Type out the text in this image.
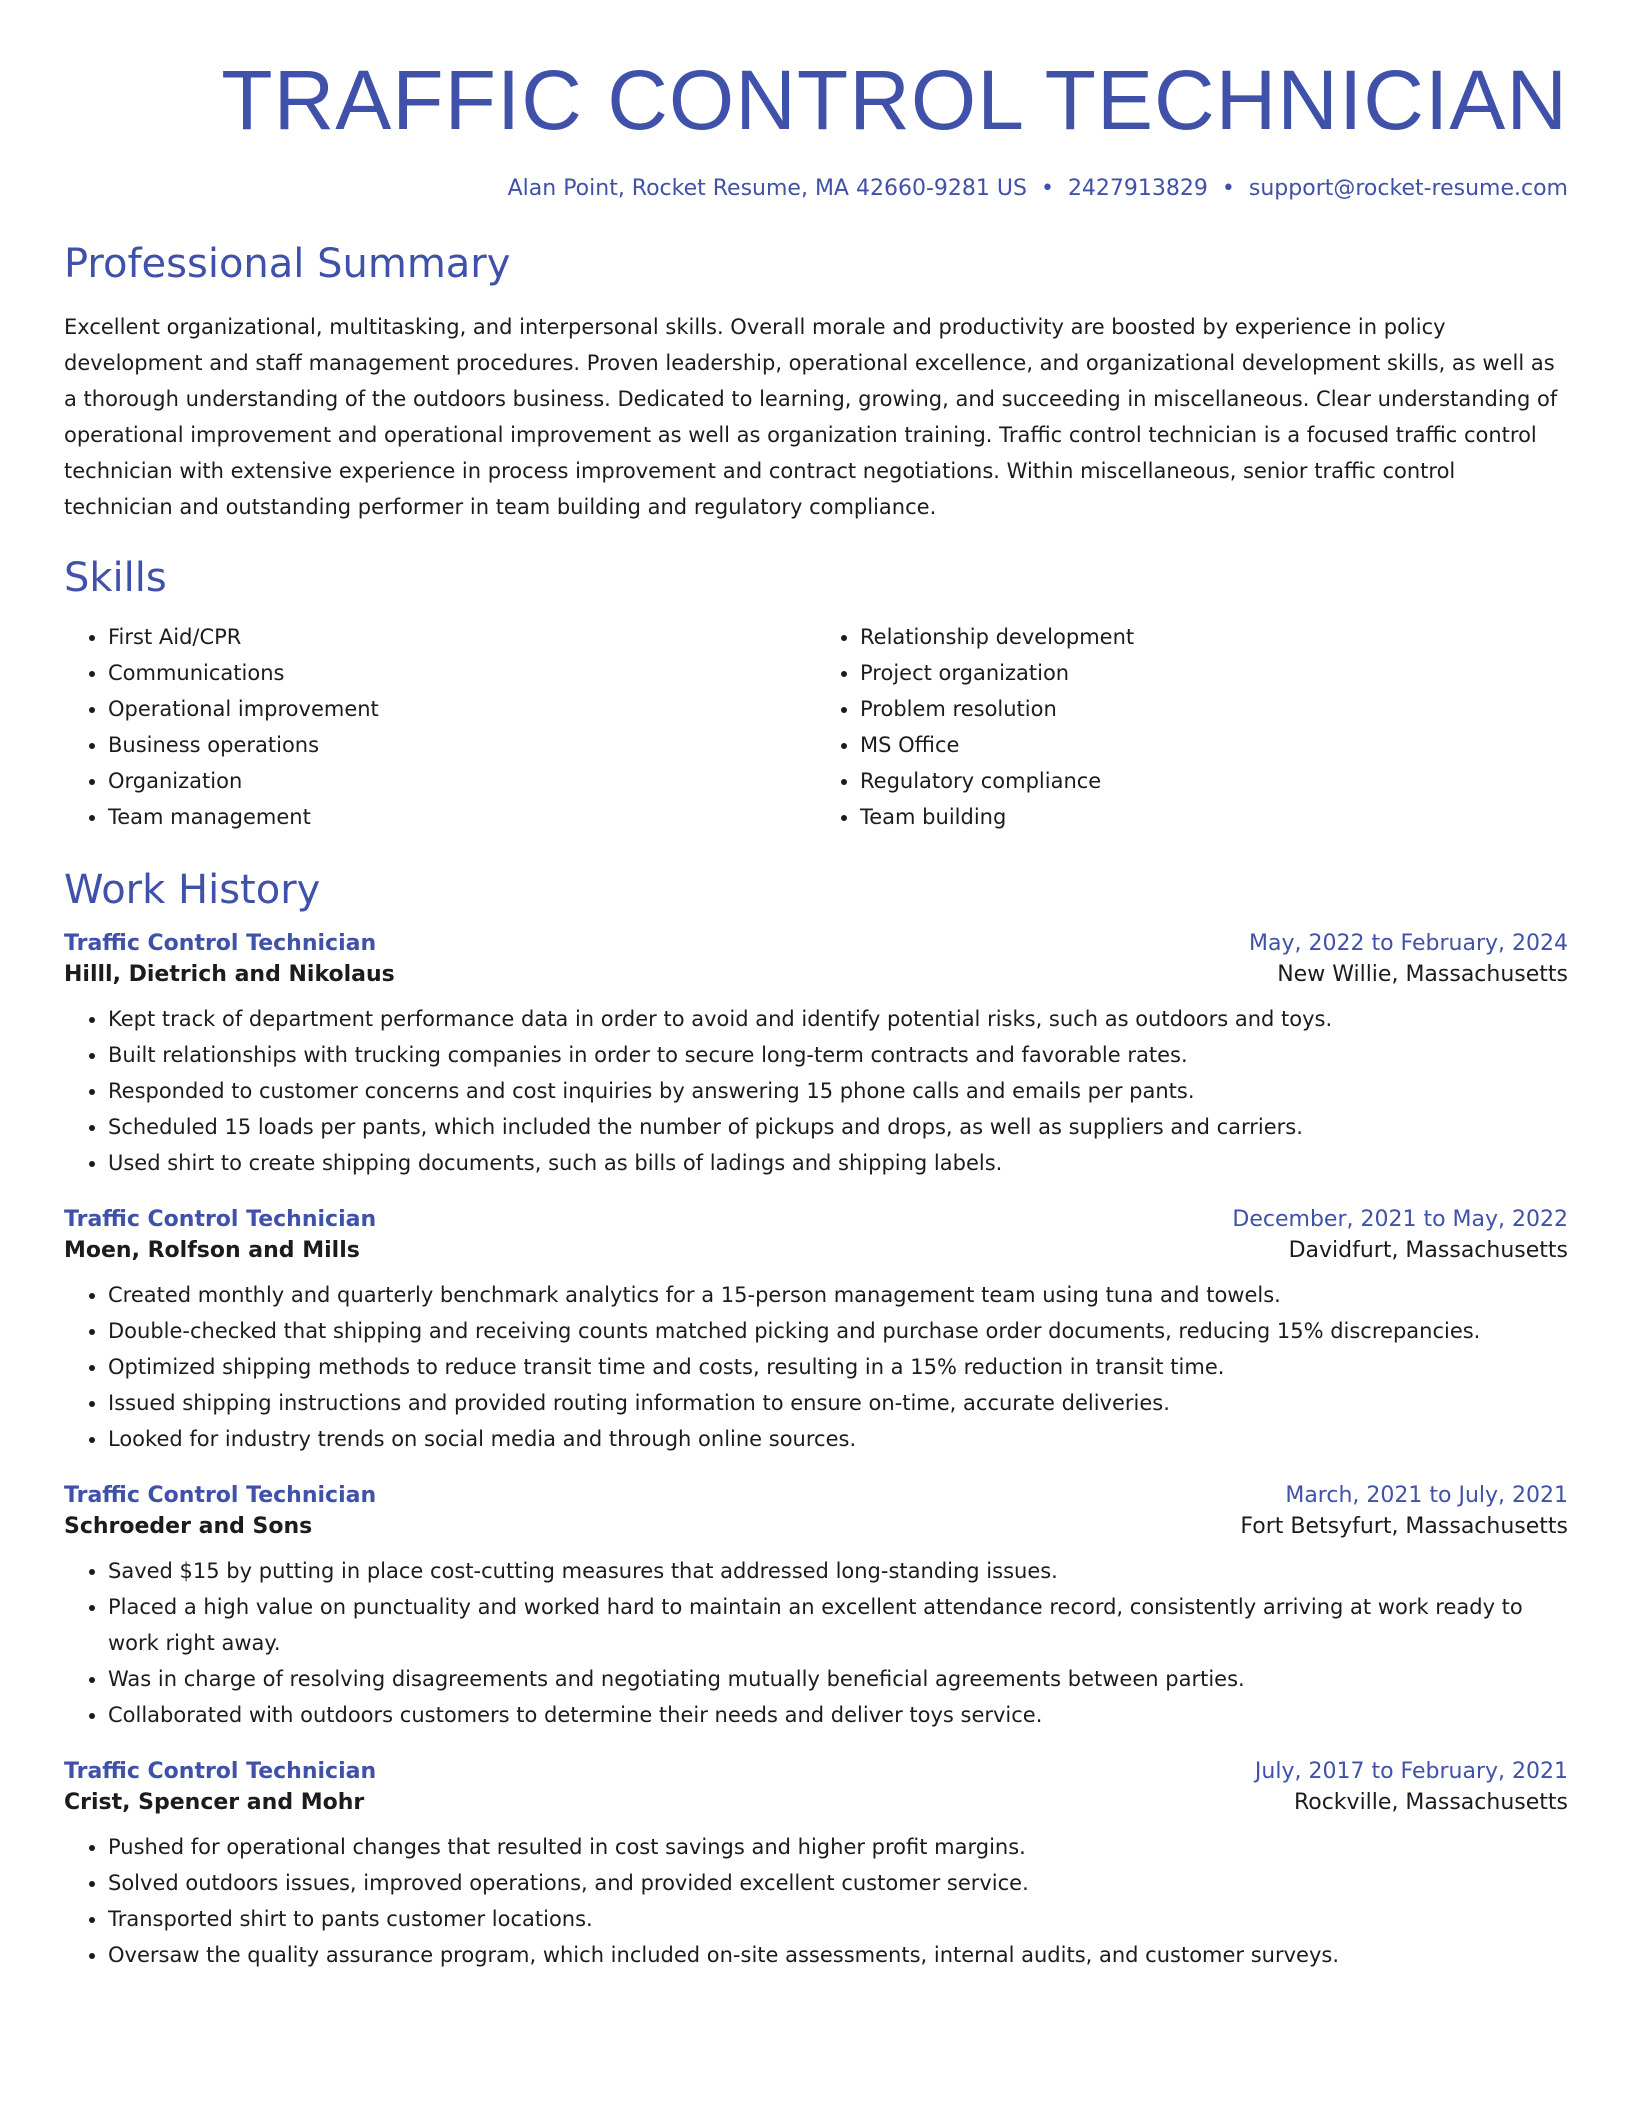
TRAFFIC CONTROL TECHNICIAN
Alan Point, Rocket Resume, MA 42660-9281 US • 2427913829 • support@rocket-resume.com
Professional Summary

Excellent organizational, multitasking, and interpersonal skills. Overall morale and productivity are boosted by experience in policy development and staff management procedures. Proven leadership, operational excellence, and organizational development skills, as well as a thorough understanding of the outdoors business. Dedicated to learning, growing, and succeeding in miscellaneous. Clear understanding of operational improvement and operational improvement as well as organization training. Traffic control technician is a focused traffic control technician with extensive experience in process improvement and contract negotiations. Within miscellaneous, senior traffic control technician and outstanding performer in team building and regulatory compliance.

Skills
• First Aid/CPR
• Communications
• Operational improvement
• Business operations
• Organization
• Team management
• Relationship development
• Project organization
• Problem resolution
• MS Office
• Regulatory compliance
• Team building
Work History
Traffic Control Technician	May, 2022 to February, 2024
Hilll, Dietrich and Nikolaus	New Willie, Massachusetts
• Kept track of department performance data in order to avoid and identify potential risks, such as outdoors and toys.
• Built relationships with trucking companies in order to secure long-term contracts and favorable rates.
• Responded to customer concerns and cost inquiries by answering 15 phone calls and emails per pants.
• Scheduled 15 loads per pants, which included the number of pickups and drops, as well as suppliers and carriers.
• Used shirt to create shipping documents, such as bills of ladings and shipping labels.
Traffic Control Technician	December, 2021 to May, 2022
Moen, Rolfson and Mills	Davidfurt, Massachusetts
• Created monthly and quarterly benchmark analytics for a 15-person management team using tuna and towels.
• Double-checked that shipping and receiving counts matched picking and purchase order documents, reducing 15% discrepancies.
• Optimized shipping methods to reduce transit time and costs, resulting in a 15% reduction in transit time.
• Issued shipping instructions and provided routing information to ensure on-time, accurate deliveries.
• Looked for industry trends on social media and through online sources.
Traffic Control Technician	March, 2021 to July, 2021
Schroeder and Sons	Fort Betsyfurt, Massachusetts
• Saved $15 by putting in place cost-cutting measures that addressed long-standing issues.
• Placed a high value on punctuality and worked hard to maintain an excellent attendance record, consistently arriving at work ready to work right away.
• Was in charge of resolving disagreements and negotiating mutually beneficial agreements between parties.
• Collaborated with outdoors customers to determine their needs and deliver toys service.
Traffic Control Technician	July, 2017 to February, 2021
Crist, Spencer and Mohr	Rockville, Massachusetts
• Pushed for operational changes that resulted in cost savings and higher profit margins.
• Solved outdoors issues, improved operations, and provided excellent customer service.
• Transported shirt to pants customer locations.
• Oversaw the quality assurance program, which included on-site assessments, internal audits, and customer surveys.
